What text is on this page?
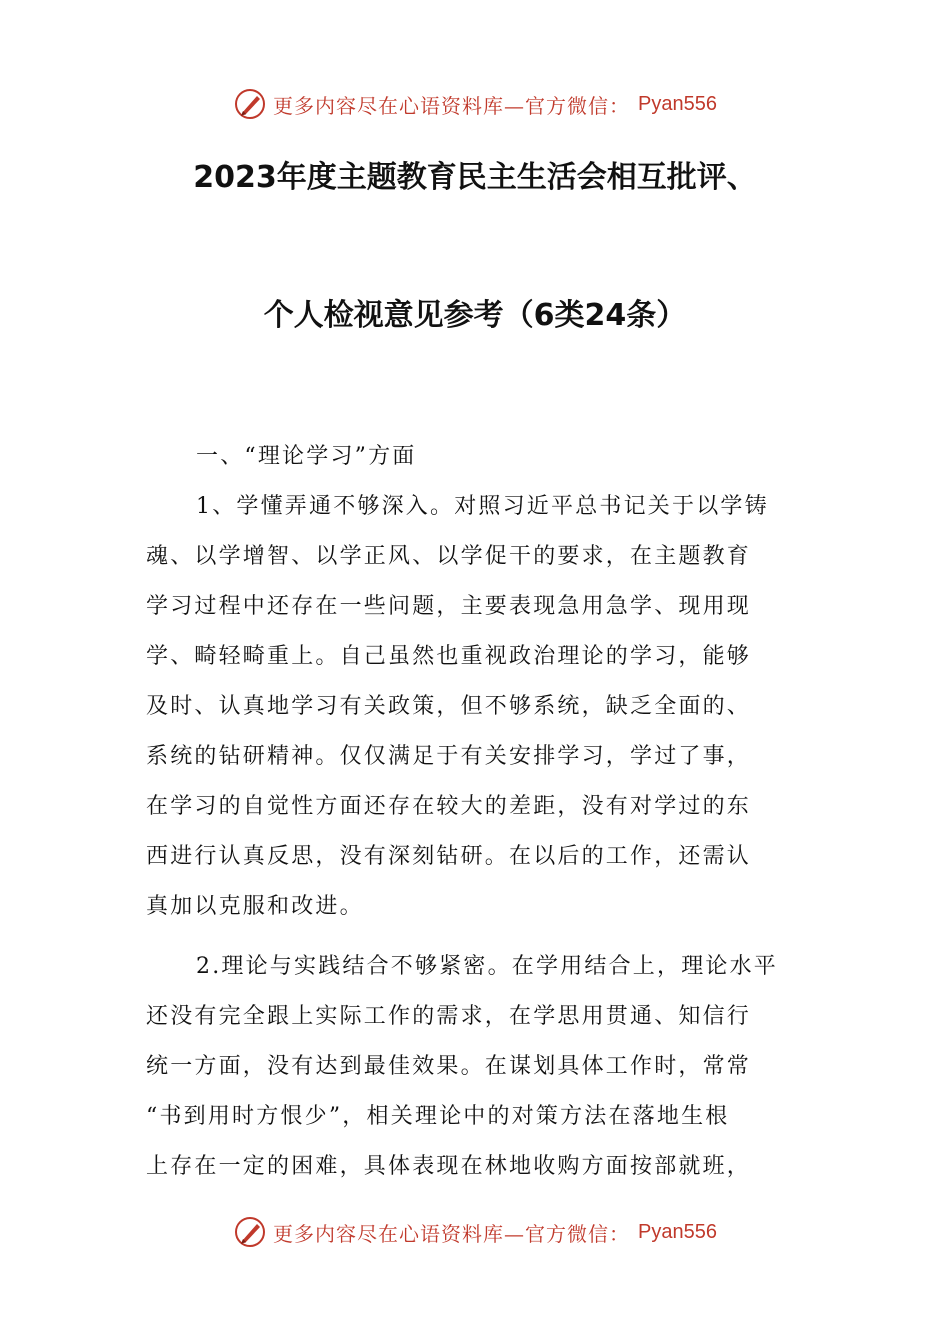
更多内容尽在心语资料库—官方微信： Pyan556
2023年度主题教育民主生活会相互批评、
个人检视意见参考（6类24条）
一、“理论学习”方面
1、学懂弄通不够深入。对照习近平总书记关于以学铸
魂、以学增智、以学正风、以学促干的要求，在主题教育
学习过程中还存在一些问题，主要表现急用急学、现用现
学、畸轻畸重上。自己虽然也重视政治理论的学习，能够
及时、认真地学习有关政策，但不够系统，缺乏全面的、
系统的钻研精神。仅仅满足于有关安排学习，学过了事，
在学习的自觉性方面还存在较大的差距，没有对学过的东
西进行认真反思，没有深刻钻研。在以后的工作，还需认
真加以克服和改进。
2.理论与实践结合不够紧密。在学用结合上，理论水平
还没有完全跟上实际工作的需求，在学思用贯通、知信行
统一方面，没有达到最佳效果。在谋划具体工作时，常常
“书到用时方恨少”，相关理论中的对策方法在落地生根
上存在一定的困难，具体表现在林地收购方面按部就班，
更多内容尽在心语资料库—官方微信： Pyan556
